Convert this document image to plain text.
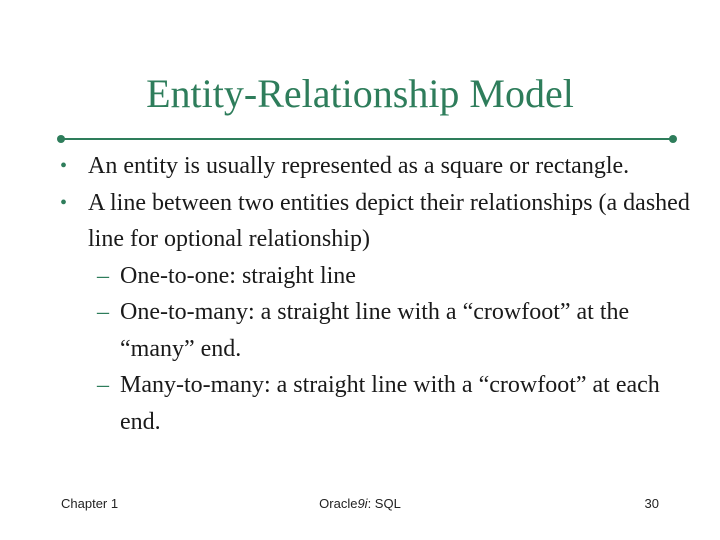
Entity-Relationship Model
• An entity is usually represented as a square or rectangle.
• A line between two entities depict their relationships (a dashed line for optional relationship)
– One-to-one: straight line
– One-to-many: a straight line with a “crowfoot” at the “many” end.
– Many-to-many: a straight line with a “crowfoot” at each end.
Chapter 1	Oracle9i: SQL	30
